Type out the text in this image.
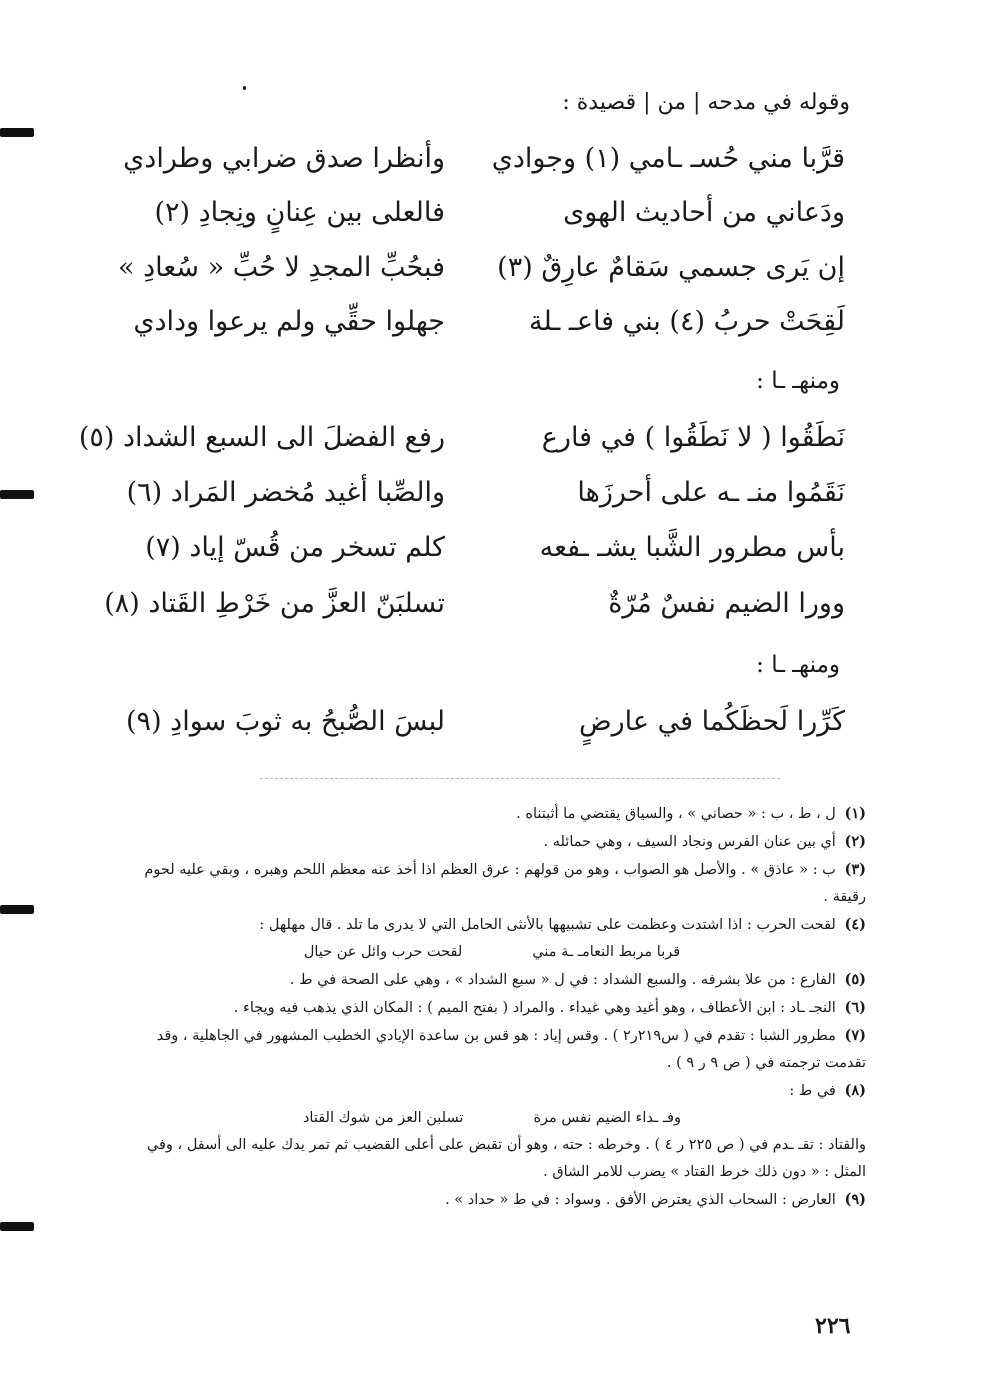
وقوله في مدحه | من | قصيدة :
قرَّبا مني حُسـ ـامي (١) وجوادي
وأنظرا صدق ضرابي وطرادي
ودَعاني من أحاديث الهوى
فالعلى بين عِنانٍ ونِجادِ (٢)
إن يَرى جسمي سَقامٌ عارِقٌ (٣)
فبحُبِّ المجدِ لا حُبِّ « سُعادِ »
لَقِحَتْ حربُ (٤) بني فاعـ ـلة
جهلوا حقِّي ولم يرعوا ودادي
ومنهـ ـا :
نَطَقُوا ( لا نَطَقُوا ) في فارع
رفع الفضلَ الى السبع الشداد (٥)
نَقَمُوا منـ ـه على أحرزَها
والصِّبا أغيد مُخضر المَراد (٦)
بأس مطرور الشَّبا يشـ ـفعه
كلم تسخر من قُسّ إياد (٧)
وورا الضيم نفسٌ مُرّةٌ
تسلبَنّ العزَّ من خَرْطِ القَتاد (٨)
ومنهـ ـا :
كَرِّرا لَحظَكُما في عارضٍ
لبسَ الصُّبحُ به ثوبَ سوادِ (٩)

(١) ل ، ط ، ب : « حصاني » ، والسياق يقتضي ما أثبتناه .

(٢) أي بين عنان الفرس ونجاد السيف ، وهي حمائله .

(٣) ب : « عاذق » . والأصل هو الصواب ، وهو من قولهم : عرق العظم اذا أخذ عنه معظم اللحم وهبره ، وبقي عليه لحوم رقيقة .

(٤) لقحت الحرب : اذا اشتدت وعظمت على تشبيهها بالأنثى الحامل التي لا يدرى ما تلد . قال مهلهل :

قربا مربط النعامـ ـة مني
لقحت حرب وائل عن حيال

(٥) الفارع : من علا بشرفه . والسبع الشداد : في ل « سبع الشداد » ، وهي على الصحة في ط .

(٦) النجـ ـاد : ابن الأعطاف ، وهو أغيد وهي غيداء . والمراد ( بفتح الميم ) : المكان الذي يذهب فيه ويجاء .

(٧) مطرور الشبا : تقدم في ( س٢١٩ر٢ ) . وقس إياد : هو قس بن ساعدة الإيادي الخطيب المشهور في الجاهلية ، وقد تقدمت ترجمته في ( ص ٩ ر ٩ ) .

(٨) في ط :

وفـ ـداء الضيم نفس مرة
تسلبن العز من شوك القتاد

والقتاد : تقـ ـدم في ( ص ٢٢٥ ر ٤ ) . وخرطه : حته ، وهو أن تقبض على أعلى القضيب ثم تمر يدك عليه الى أسفل ، وفي المثل : « دون ذلك خرط القتاد » يضرب للامر الشاق .

(٩) العارض : السحاب الذي يعترض الأفق . وسواد : في ط « حداد » .

٢٢٦
